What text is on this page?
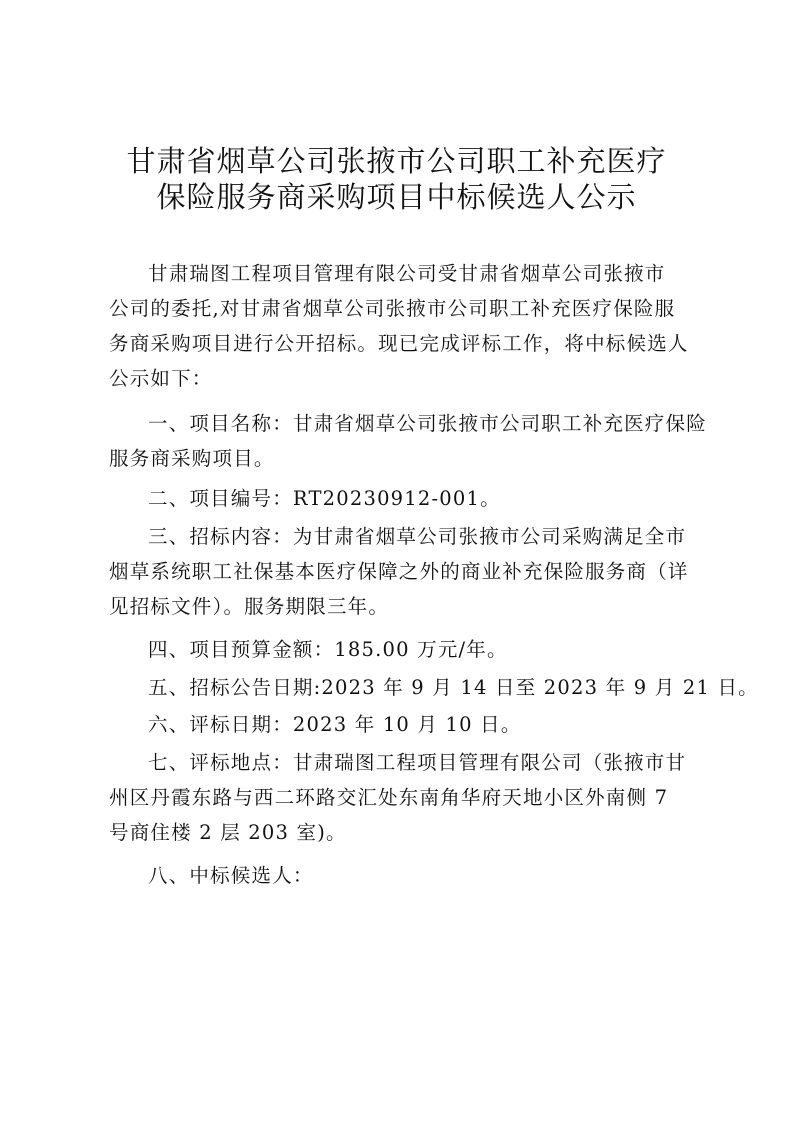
甘肃省烟草公司张掖市公司职工补充医疗
保险服务商采购项目中标候选人公示
甘肃瑞图工程项目管理有限公司受甘肃省烟草公司张掖市
公司的委托,对甘肃省烟草公司张掖市公司职工补充医疗保险服
务商采购项目进行公开招标。现已完成评标工作，将中标候选人
公示如下：
一、项目名称：甘肃省烟草公司张掖市公司职工补充医疗保险
服务商采购项目。
二、项目编号：RT20230912-001。
三、招标内容：为甘肃省烟草公司张掖市公司采购满足全市
烟草系统职工社保基本医疗保障之外的商业补充保险服务商（详
见招标文件）。服务期限三年。
四、项目预算金额：185.00 万元/年。
五、招标公告日期:2023 年 9 月 14 日至 2023 年 9 月 21 日。
六、评标日期：2023 年 10 月 10 日。
七、评标地点：甘肃瑞图工程项目管理有限公司（张掖市甘
州区丹霞东路与西二环路交汇处东南角华府天地小区外南侧 7
号商住楼 2 层 203 室)。
八、中标候选人：
